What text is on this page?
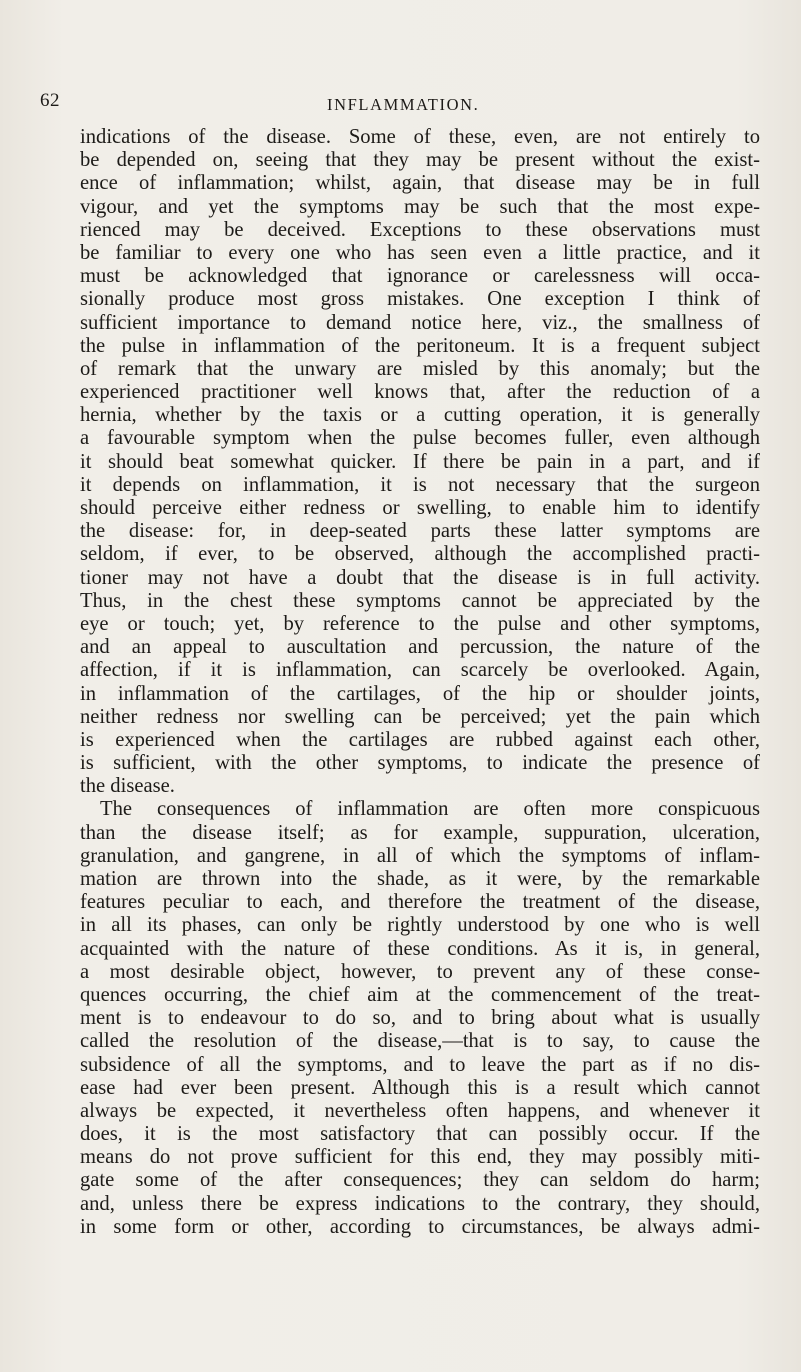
62	INFLAMMATION.
indications of the disease. Some of these, even, are not entirely to
be depended on, seeing that they may be present without the exist-
ence of inflammation; whilst, again, that disease may be in full
vigour, and yet the symptoms may be such that the most expe-
rienced may be deceived. Exceptions to these observations must
be familiar to every one who has seen even a little practice, and it
must be acknowledged that ignorance or carelessness will occa-
sionally produce most gross mistakes. One exception I think of
sufficient importance to demand notice here, viz., the smallness of
the pulse in inflammation of the peritoneum. It is a frequent subject
of remark that the unwary are misled by this anomaly; but the
experienced practitioner well knows that, after the reduction of a
hernia, whether by the taxis or a cutting operation, it is generally
a favourable symptom when the pulse becomes fuller, even although
it should beat somewhat quicker. If there be pain in a part, and if
it depends on inflammation, it is not necessary that the surgeon
should perceive either redness or swelling, to enable him to identify
the disease: for, in deep-seated parts these latter symptoms are
seldom, if ever, to be observed, although the accomplished practi-
tioner may not have a doubt that the disease is in full activity.
Thus, in the chest these symptoms cannot be appreciated by the
eye or touch; yet, by reference to the pulse and other symptoms,
and an appeal to auscultation and percussion, the nature of the
affection, if it is inflammation, can scarcely be overlooked. Again,
in inflammation of the cartilages, of the hip or shoulder joints,
neither redness nor swelling can be perceived; yet the pain which
is experienced when the cartilages are rubbed against each other,
is sufficient, with the other symptoms, to indicate the presence of
the disease.
The consequences of inflammation are often more conspicuous
than the disease itself; as for example, suppuration, ulceration,
granulation, and gangrene, in all of which the symptoms of inflam-
mation are thrown into the shade, as it were, by the remarkable
features peculiar to each, and therefore the treatment of the disease,
in all its phases, can only be rightly understood by one who is well
acquainted with the nature of these conditions. As it is, in general,
a most desirable object, however, to prevent any of these conse-
quences occurring, the chief aim at the commencement of the treat-
ment is to endeavour to do so, and to bring about what is usually
called the resolution of the disease,—that is to say, to cause the
subsidence of all the symptoms, and to leave the part as if no dis-
ease had ever been present. Although this is a result which cannot
always be expected, it nevertheless often happens, and whenever it
does, it is the most satisfactory that can possibly occur. If the
means do not prove sufficient for this end, they may possibly miti-
gate some of the after consequences; they can seldom do harm;
and, unless there be express indications to the contrary, they should,
in some form or other, according to circumstances, be always admi-
